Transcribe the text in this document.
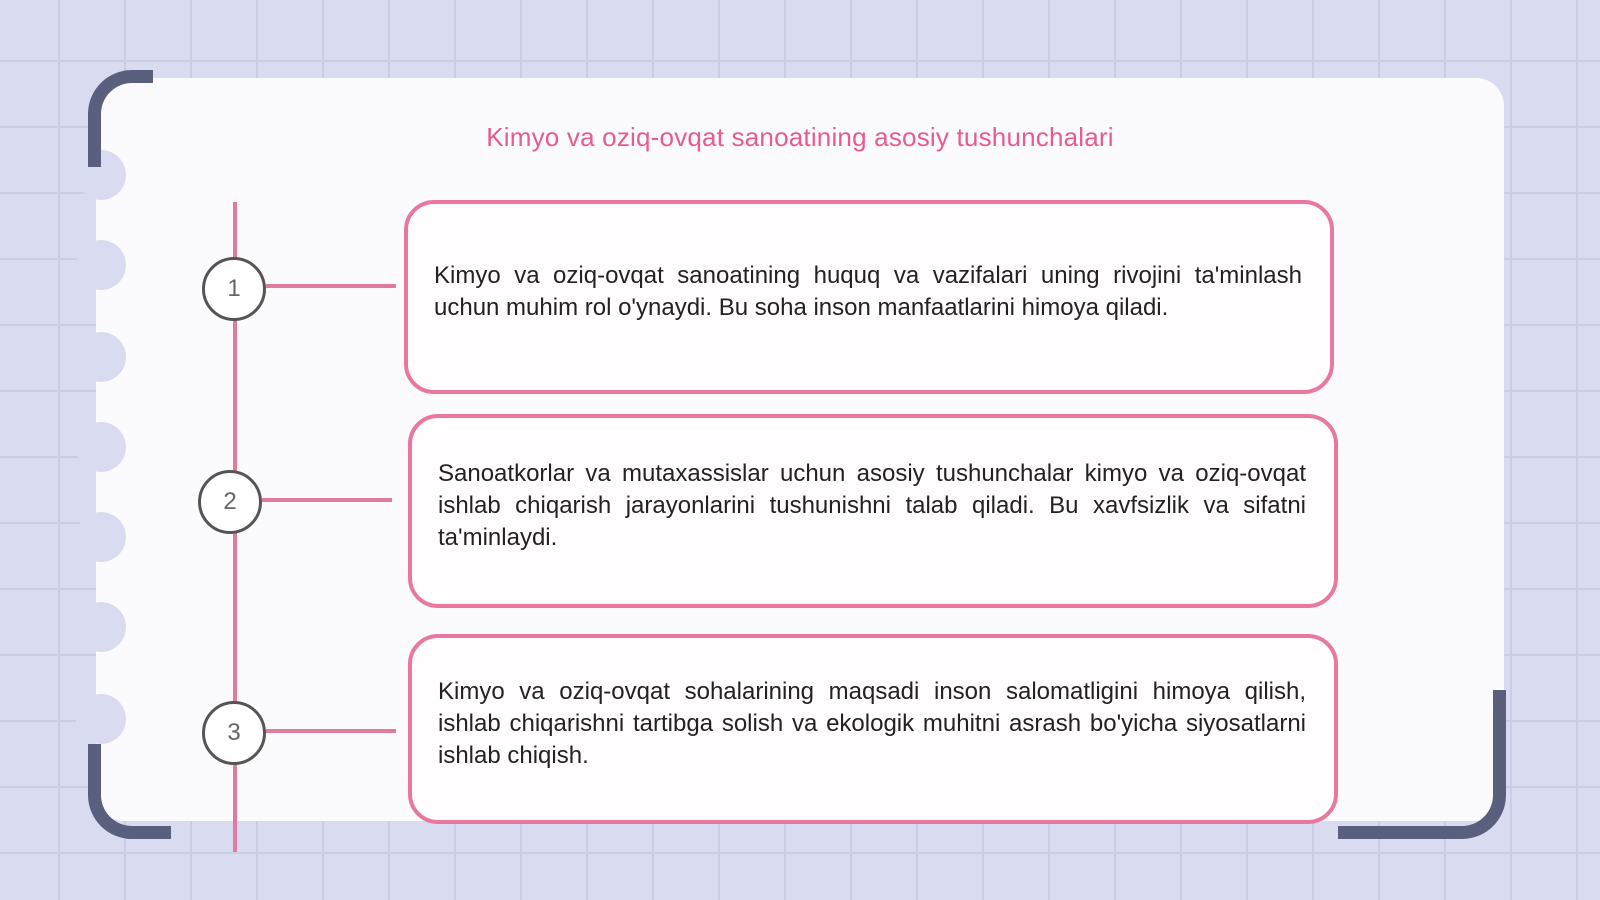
Kimyo va oziq-ovqat sanoatining asosiy tushunchalari
1
2
3

Kimyo va oziq-ovqat sanoatining huquq va vazifalari uning rivojini ta'minlash uchun muhim rol o'ynaydi. Bu soha inson manfaatlarini himoya qiladi.

Sanoatkorlar va mutaxassislar uchun asosiy tushunchalar kimyo va oziq-ovqat ishlab chiqarish jarayonlarini tushunishni talab qiladi. Bu xavfsizlik va sifatni ta'minlaydi.

Kimyo va oziq-ovqat sohalarining maqsadi inson salomatligini himoya qilish, ishlab chiqarishni tartibga solish va ekologik muhitni asrash bo'yicha siyosatlarni ishlab chiqish.
